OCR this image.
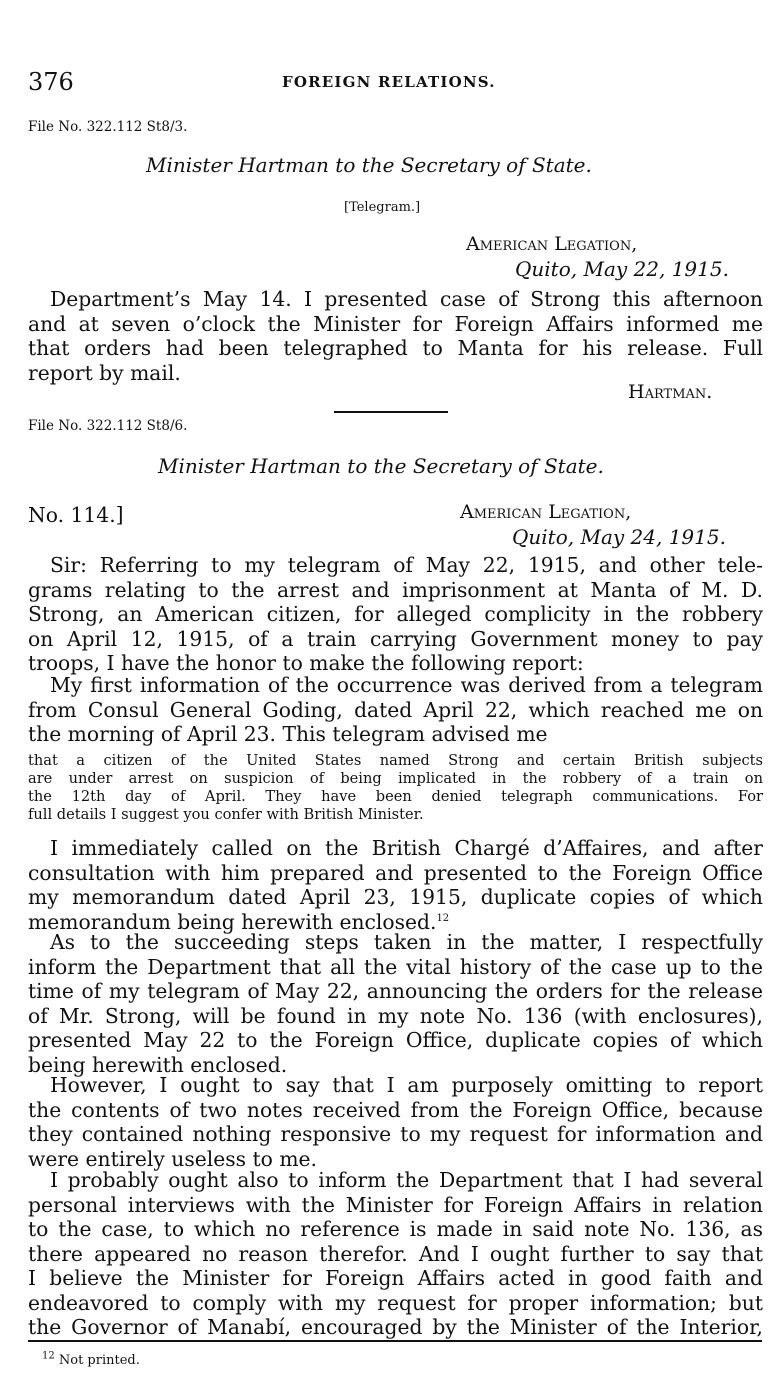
376	FOREIGN RELATIONS.
File No. 322.112 St8/3.
Minister Hartman to the Secretary of State.
[Telegram.]
American Legation,
Quito, May 22, 1915.
Department’s May 14. I presented case of Strong this afternoon
and at seven o’clock the Minister for Foreign Affairs informed me
that orders had been telegraphed to Manta for his release. Full
report by mail.
Hartman.
File No. 322.112 St8/6.
Minister Hartman to the Secretary of State.
No. 114.]	American Legation,
Quito, May 24, 1915.
Sir: Referring to my telegram of May 22, 1915, and other tele-
grams relating to the arrest and imprisonment at Manta of M. D.
Strong, an American citizen, for alleged complicity in the robbery
on April 12, 1915, of a train carrying Government money to pay
troops, I have the honor to make the following report:
My first information of the occurrence was derived from a telegram
from Consul General Goding, dated April 22, which reached me on
the morning of April 23. This telegram advised me
that a citizen of the United States named Strong and certain British subjects
are under arrest on suspicion of being implicated in the robbery of a train on
the 12th day of April. They have been denied telegraph communications. For
full details I suggest you confer with British Minister.
I immediately called on the British Chargé d’Affaires, and after
consultation with him prepared and presented to the Foreign Office
my memorandum dated April 23, 1915, duplicate copies of which
memorandum being herewith enclosed.$^{12}$
As to the succeeding steps taken in the matter, I respectfully
inform the Department that all the vital history of the case up to the
time of my telegram of May 22, announcing the orders for the release
of Mr. Strong, will be found in my note No. 136 (with enclosures),
presented May 22 to the Foreign Office, duplicate copies of which
being herewith enclosed.
However, I ought to say that I am purposely omitting to report
the contents of two notes received from the Foreign Office, because
they contained nothing responsive to my request for information and
were entirely useless to me.
I probably ought also to inform the Department that I had several
personal interviews with the Minister for Foreign Affairs in relation
to the case, to which no reference is made in said note No. 136, as
there appeared no reason therefor. And I ought further to say that
I believe the Minister for Foreign Affairs acted in good faith and
endeavored to comply with my request for proper information; but
the Governor of Manabí, encouraged by the Minister of the Interior,
$^{12}$ Not printed.
